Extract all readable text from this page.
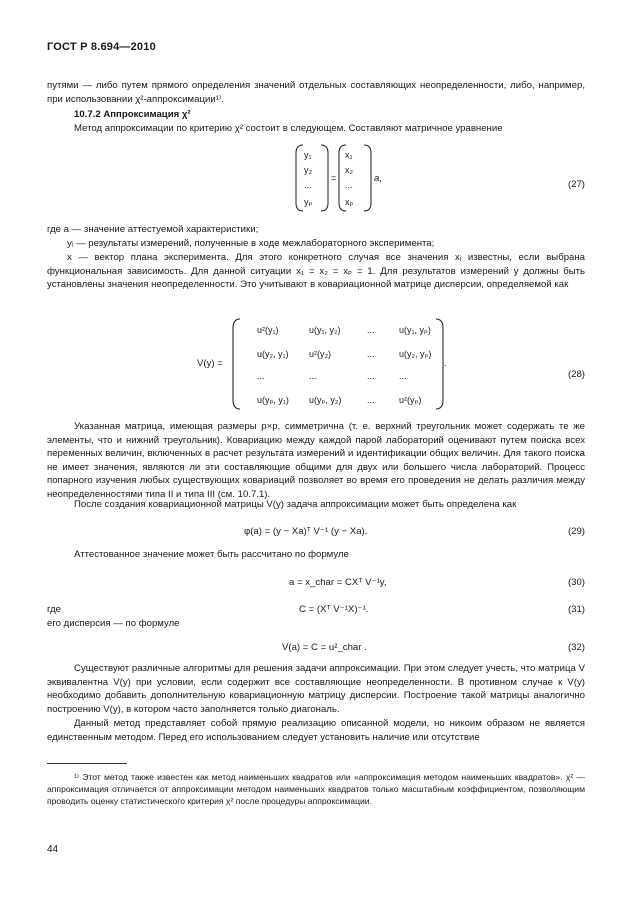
ГОСТ Р 8.694—2010
путями — либо путем прямого определения значений отдельных составляющих неопределенности, либо, например, при использовании χ²-аппроксимации¹⁾.
10.7.2 Аппроксимация χ²
Метод аппроксимации по критерию χ² состоит в следующем. Составляют матричное уравнение
y₁
y₂
...
yₚ
=
x₁
x₂
...
xₚ
a,
(27)
где a — значение аттестуемой характеристики;
yᵢ — результаты измерений, полученные в ходе межлабораторного эксперимента;
x — вектор плана эксперимента. Для этого конкретного случая все значения xᵢ известны, если выбрана функциональная зависимость. Для данной ситуации x₁ = x₂ = xₚ = 1. Для результатов измерений y должны быть установлены значения неопределенности. Это учитывают в ковариационной матрице дисперсии, определяемой как
V(y) =
u²(y₁)	u(y₁, y₂)	...	u(y₁, yₚ)
u(y₂, y₁) u²(y₂)	...	u(y₂, yₚ)
...	...	...	...
u(yₚ, y₁) u(yₚ, y₂)	...	u²(yₚ)
.
(28)
Указанная матрица, имеющая размеры p×p, симметрична (т. е. верхний треугольник может содержать те же элементы, что и нижний треугольник). Ковариацию между каждой парой лабораторий оценивают путем поиска всех переменных величин, включенных в расчет результата измерений и идентификации общих величин. Для такого поиска не имеет значения, являются ли эти составляющие общими для двух или большего числа лабораторий. Процесс попарного изучения любых существующих ковариаций позволяет во время его проведения не делать различия между неопределенностями типа II и типа III (см. 10.7.1).
После создания ковариационной матрицы V(y) задача аппроксимации может быть определена как
φ(a) = (y − Xa)ᵀ V⁻¹ (y − Xa).	(29)
Аттестованное значение может быть рассчитано по формуле
a = x_char = CXᵀ V⁻¹y,	(30)
где	C = (Xᵀ V⁻¹X)⁻¹.	(31)
его дисперсия — по формуле
V(a) = C = u²_char .	(32)
Существуют различные алгоритмы для решения задачи аппроксимации. При этом следует учесть, что матрица V эквивалентна V(y) при условии, если содержит все составляющие неопределенности. В противном случае к V(y) необходимо добавить дополнительную ковариационную матрицу дисперсии. Построение такой матрицы аналогично построению V(y), в котором часто заполняется только диагональ.
Данный метод представляет собой прямую реализацию описанной модели, но никоим образом не является единственным методом. Перед его использованием следует установить наличие или отсутствие
¹⁾ Этот метод также известен как метод наименьших квадратов или «аппроксимация методом наименьших квадратов». χ² — аппроксимация отличается от аппроксимации методом наименьших квадратов только масштабным коэффициентом, позволяющим проводить оценку статистического критерия χ² после процедуры аппроксимации.
44
